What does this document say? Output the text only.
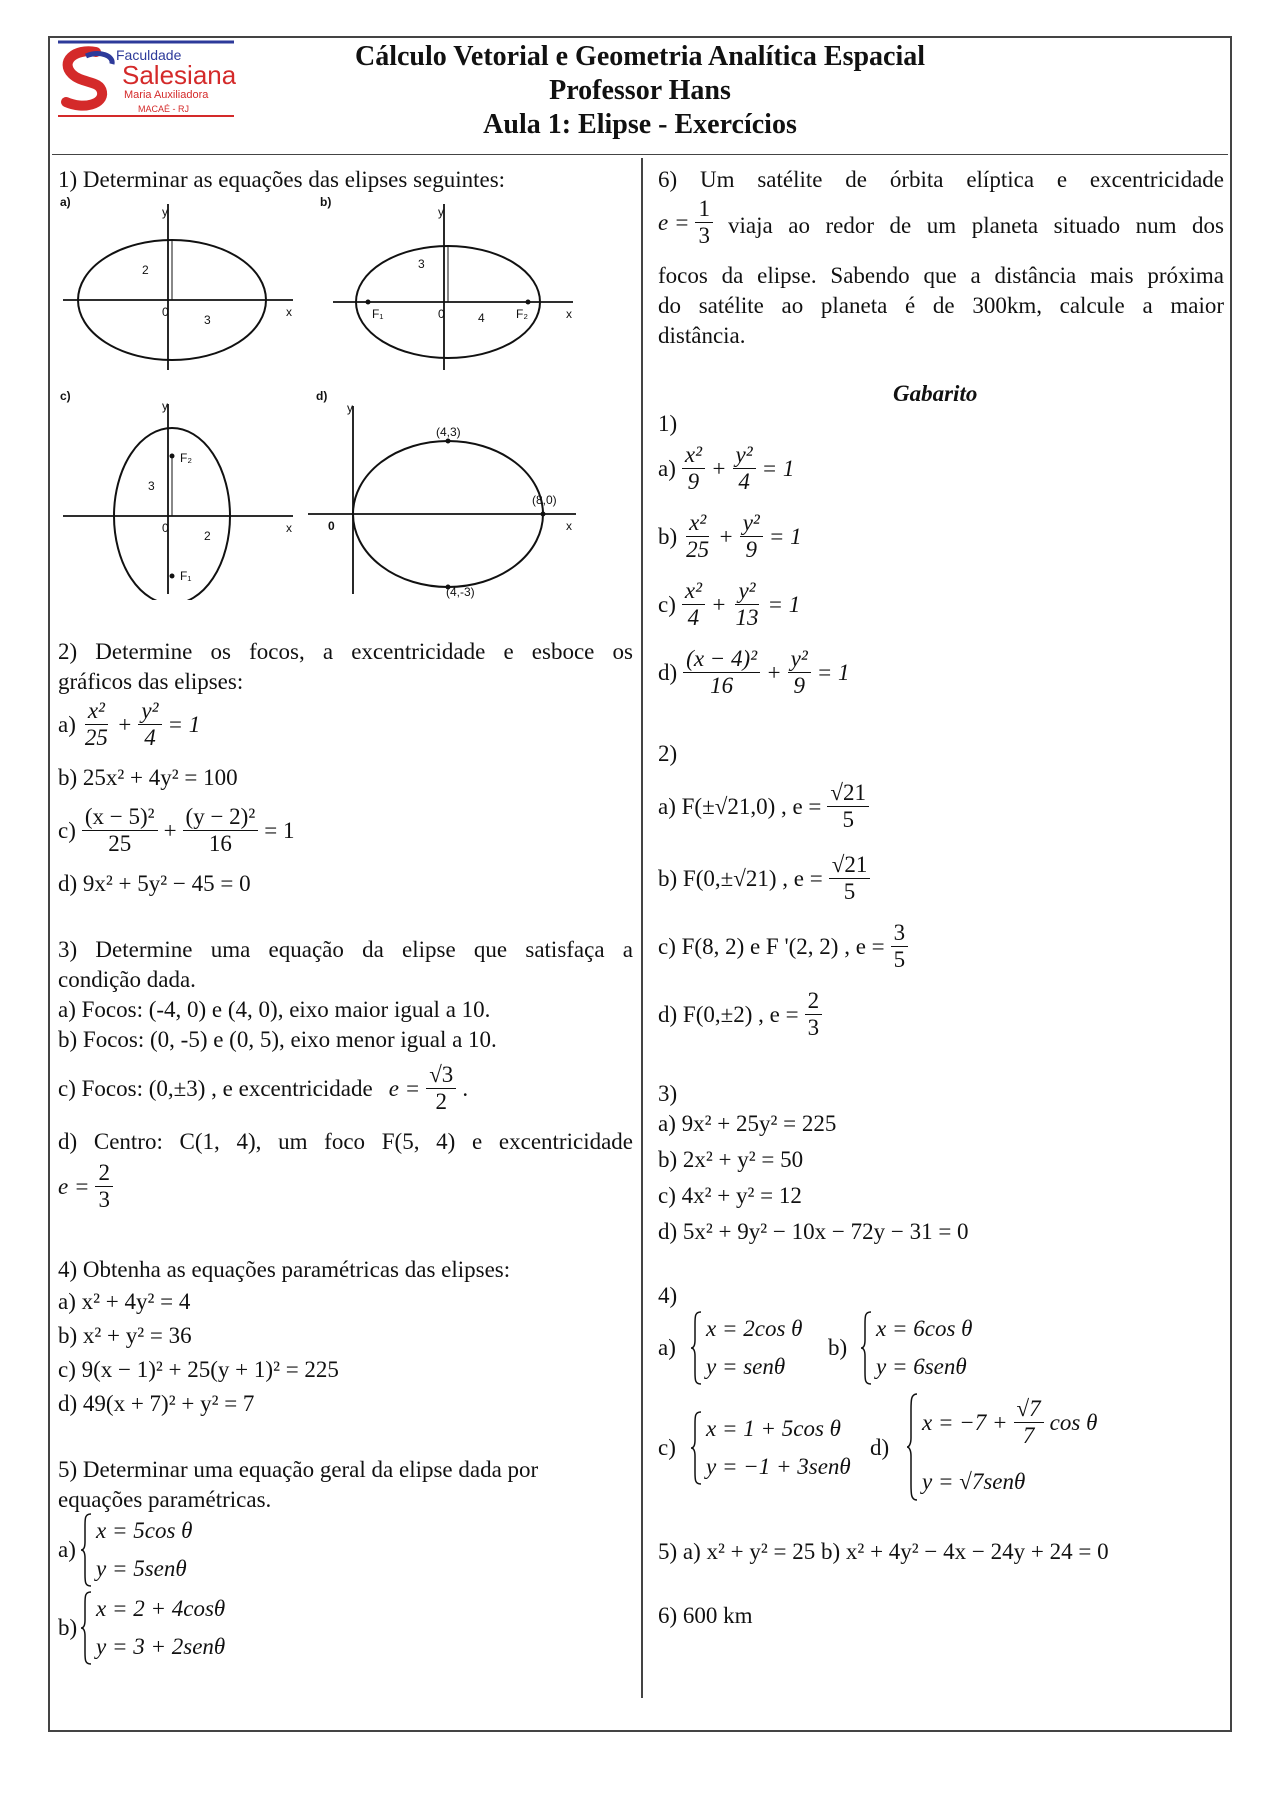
Faculdade
Salesiana
Maria Auxiliadora
MACAÉ - RJ
Cálculo Vetorial e Geometria Analítica Espacial
Professor Hans
Aula 1: Elipse - Exercícios
1) Determinar as equações das elipses seguintes:
a)
y
x
2
3
0
b)
y
x
3
4
0
F₁	F₂
c)
y
x
3
2
0
F₂
F₁
d)
y
x
0
(4,3)
(4,-3)
(8,0)
2) Determine os focos, a excentricidade e esboce os
gráficos das elipses:
$a) \frac{\text{x²}}{25} + \frac{\text{y²}}{4} = 1$
b) 25x² + 4y² = 100
$c) \frac{\text{(x − 5)²}}{25} + \frac{\text{(y − 2)²}}{16} = 1$
d) 9x² + 5y² − 45 = 0
3) Determine uma equação da elipse que satisfaça a
condição dada.
a) Focos: (-4, 0) e (4, 0), eixo maior igual a 10.
b) Focos: (0, -5) e (0, 5), eixo menor igual a 10.
c) Focos: (0,±3) , e excentricidade $e = \frac{√3}{2}$ .
d) Centro: C(1, 4), um foco F(5, 4) e excentricidade
$e = \frac{2}{3}$
4) Obtenha as equações paramétricas das elipses:
a) x² + 4y² = 4
b) x² + y² = 36
c) 9(x − 1)² + 25(y + 1)² = 225
d) 49(x + 7)² + y² = 7
5) Determinar uma equação geral da elipse dada por
equações paramétricas.
a)
x = 5cos θ
y = 5senθ
b)
x = 2 + 4cosθ
y = 3 + 2senθ
6) Um satélite de órbita elíptica e excentricidade
$e = \frac{1}{3}$ viaja ao redor de um planeta situado num dos
focos da elipse. Sabendo que a distância mais próxima
do satélite ao planeta é de 300km, calcule a maior
distância.
Gabarito
1)
$a) \frac{\text{x²}}{9} + \frac{\text{y²}}{4} = 1$
$b) \frac{\text{x²}}{25} + \frac{\text{y²}}{9} = 1$
$c) \frac{\text{x²}}{4} + \frac{\text{y²}}{13} = 1$
$d) \frac{\text{(x − 4)²}}{16} + \frac{\text{y²}}{9} = 1$
2)
a) F(±√21,0) , $e = \frac{√21}{5}$
b) F(0,±√21) , $e = \frac{√21}{5}$
c) F(8, 2) e F '(2, 2) , $e = \frac{3}{5}$
d) F(0,±2) , $e = \frac{2}{3}$
3)
a) 9x² + 25y² = 225
b) 2x² + y² = 50
c) 4x² + y² = 12
d) 5x² + 9y² − 10x − 72y − 31 = 0
4)
a)
x = 2cos θ
y = senθ
b)
x = 6cos θ
y = 6senθ
c)
x = 1 + 5cos θ
y = −1 + 3senθ
d)
$x = -7 + \frac{√7}{7}$ cos θ
y = √7senθ
5) a) x² + y² = 25 b) x² + 4y² − 4x − 24y + 24 = 0
6) 600 km
